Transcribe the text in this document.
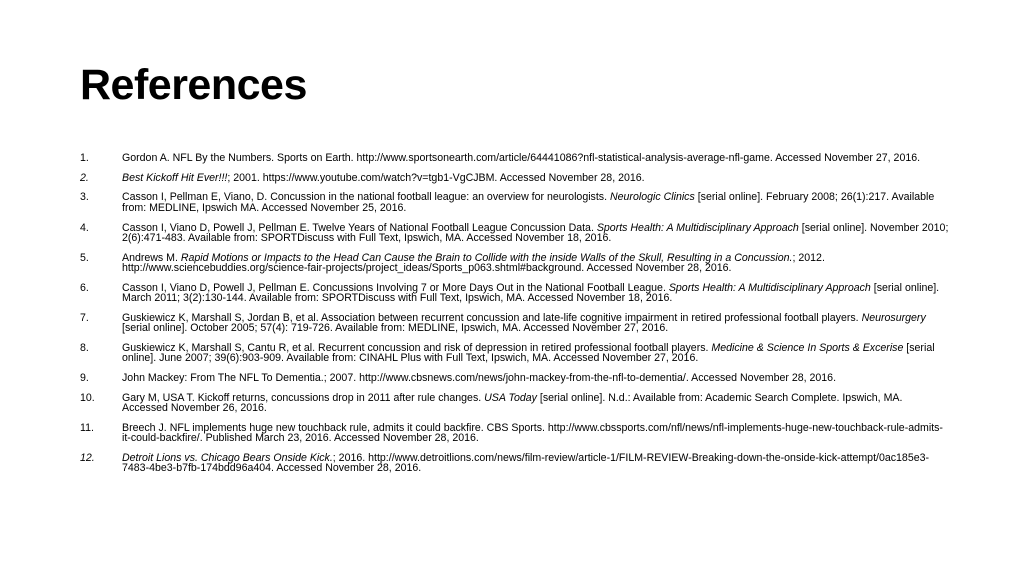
References
1.	Gordon A. NFL By the Numbers. Sports on Earth. http://www.sportsonearth.com/article/64441086?nfl-statistical-analysis-average-nfl-game. Accessed November 27, 2016.
2.	Best Kickoff Hit Ever!!!; 2001. https://www.youtube.com/watch?v=tgb1-VgCJBM. Accessed November 28, 2016.
3.	Casson I, Pellman E, Viano, D. Concussion in the national football league: an overview for neurologists. Neurologic Clinics [serial online]. February 2008; 26(1):217. Available from: MEDLINE, Ipswich MA. Accessed November 25, 2016.
4.	Casson I, Viano D, Powell J, Pellman E. Twelve Years of National Football League Concussion Data. Sports Health: A Multidisciplinary Approach [serial online]. November 2010; 2(6):471-483. Available from: SPORTDiscuss with Full Text, Ipswich, MA. Accessed November 18, 2016.
5.	Andrews M. Rapid Motions or Impacts to the Head Can Cause the Brain to Collide with the inside Walls of the Skull, Resulting in a Concussion.; 2012. http://www.sciencebuddies.org/science-fair-projects/project_ideas/Sports_p063.shtml#background. Accessed November 28, 2016.
6.	Casson I, Viano D, Powell J, Pellman E. Concussions Involving 7 or More Days Out in the National Football League. Sports Health: A Multidisciplinary Approach [serial online]. March 2011; 3(2):130-144. Available from: SPORTDiscuss with Full Text, Ipswich, MA. Accessed November 18, 2016.
7.	Guskiewicz K, Marshall S, Jordan B, et al. Association between recurrent concussion and late-life cognitive impairment in retired professional football players. Neurosurgery [serial online]. October 2005; 57(4): 719-726. Available from: MEDLINE, Ipswich, MA. Accessed November 27, 2016.
8.	Guskiewicz K, Marshall S, Cantu R, et al. Recurrent concussion and risk of depression in retired professional football players. Medicine & Science In Sports & Excerise [serial online]. June 2007; 39(6):903-909. Available from: CINAHL Plus with Full Text, Ipswich, MA. Accessed November 27, 2016.
9.	John Mackey: From The NFL To Dementia.; 2007. http://www.cbsnews.com/news/john-mackey-from-the-nfl-to-dementia/. Accessed November 28, 2016.
10.	Gary M, USA T. Kickoff returns, concussions drop in 2011 after rule changes. USA Today [serial online]. N.d.: Available from: Academic Search Complete. Ipswich, MA. Accessed November 26, 2016.
11.	Breech J. NFL implements huge new touchback rule, admits it could backfire. CBS Sports. http://www.cbssports.com/nfl/news/nfl-implements-huge-new-touchback-rule-admits-it-could-backfire/. Published March 23, 2016. Accessed November 28, 2016.
12.	Detroit Lions vs. Chicago Bears Onside Kick.; 2016. http://www.detroitlions.com/news/film-review/article-1/FILM-REVIEW-Breaking-down-the-onside-kick-attempt/0ac185e3-7483-4be3-b7fb-174bdd96a404. Accessed November 28, 2016.
